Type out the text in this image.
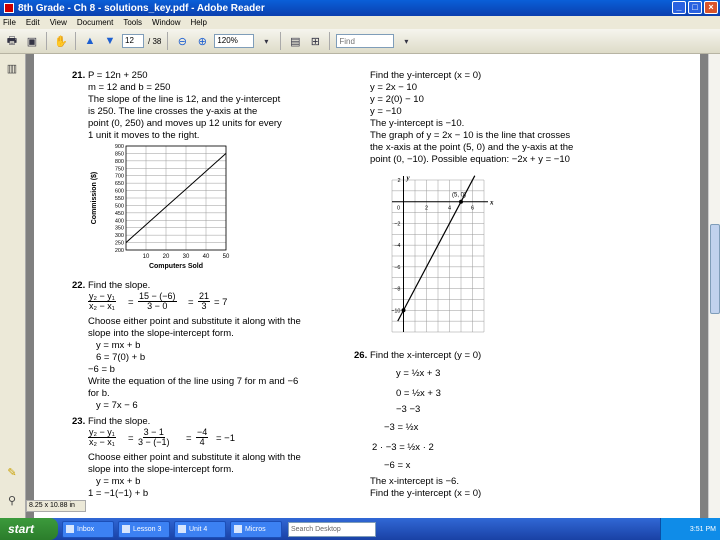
8th Grade - Ch 8 - solutions_key.pdf - Adobe Reader	_	□	×
File Edit View Document Tools Window Help
🖶 ▣ ✋ ▲ ▼	12	/ 38	⊖ ⊕	120%	▾	▤ ⊞
Find	▾
▥
✎
⚲
21. P = 12n + 250
m = 12 and b = 250
The slope of the line is 12, and the y-intercept
is 250. The line crosses the y-axis at the
point (0, 250) and moves up 12 units for every
1 unit it moves to the right.
200
250
300
350
400
450
500
550
600
650
700
750
800
850
900
10 20 30 40 50
Computers Sold
Commission ($)
22. Find the slope.
$\frac{\text{y₂ − y₁}}{\text{x₂ − x₁}} = \frac{15 - (-6)}{3 - 0} = \frac{21}{3} = 7$
Choose either point and substitute it along with the
slope into the slope-intercept form.
y = mx + b
6 = 7(0) + b
−6 = b
Write the equation of the line using 7 for m and −6
for b.
y = 7x − 6
23. Find the slope.
$\frac{\text{y₂ − y₁}}{\text{x₂ − x₁}} = \frac{3 - 1}{3 - (-1)} = \frac{-4}{4} = -1$
Choose either point and substitute it along with the
slope into the slope-intercept form.
y = mx + b
1 = −1(−1) + b
Find the y-intercept (x = 0)
y = 2x − 10
y = 2(0) − 10
y = −10
The y-intercept is −10.
The graph of y = 2x − 10 is the line that crosses
the x-axis at the point (5, 0) and the y-axis at the
point (0, −10). Possible equation: −2x + y = −10
x
y
0	2	4	6
2
−2
−4
−6
−8
−10
(5, 0)
26. Find the x-intercept (y = 0)
y = ½x + 3
0 = ½x + 3
−3 −3
−3 = ½x
2 · −3 = ½x · 2
−6 = x
The x-intercept is −6.
Find the y-intercept (x = 0)
8.25 x 10.88 in
start	Inbox	Lesson 3	Unit 4	Micros	Search Desktop	3:51 PM
